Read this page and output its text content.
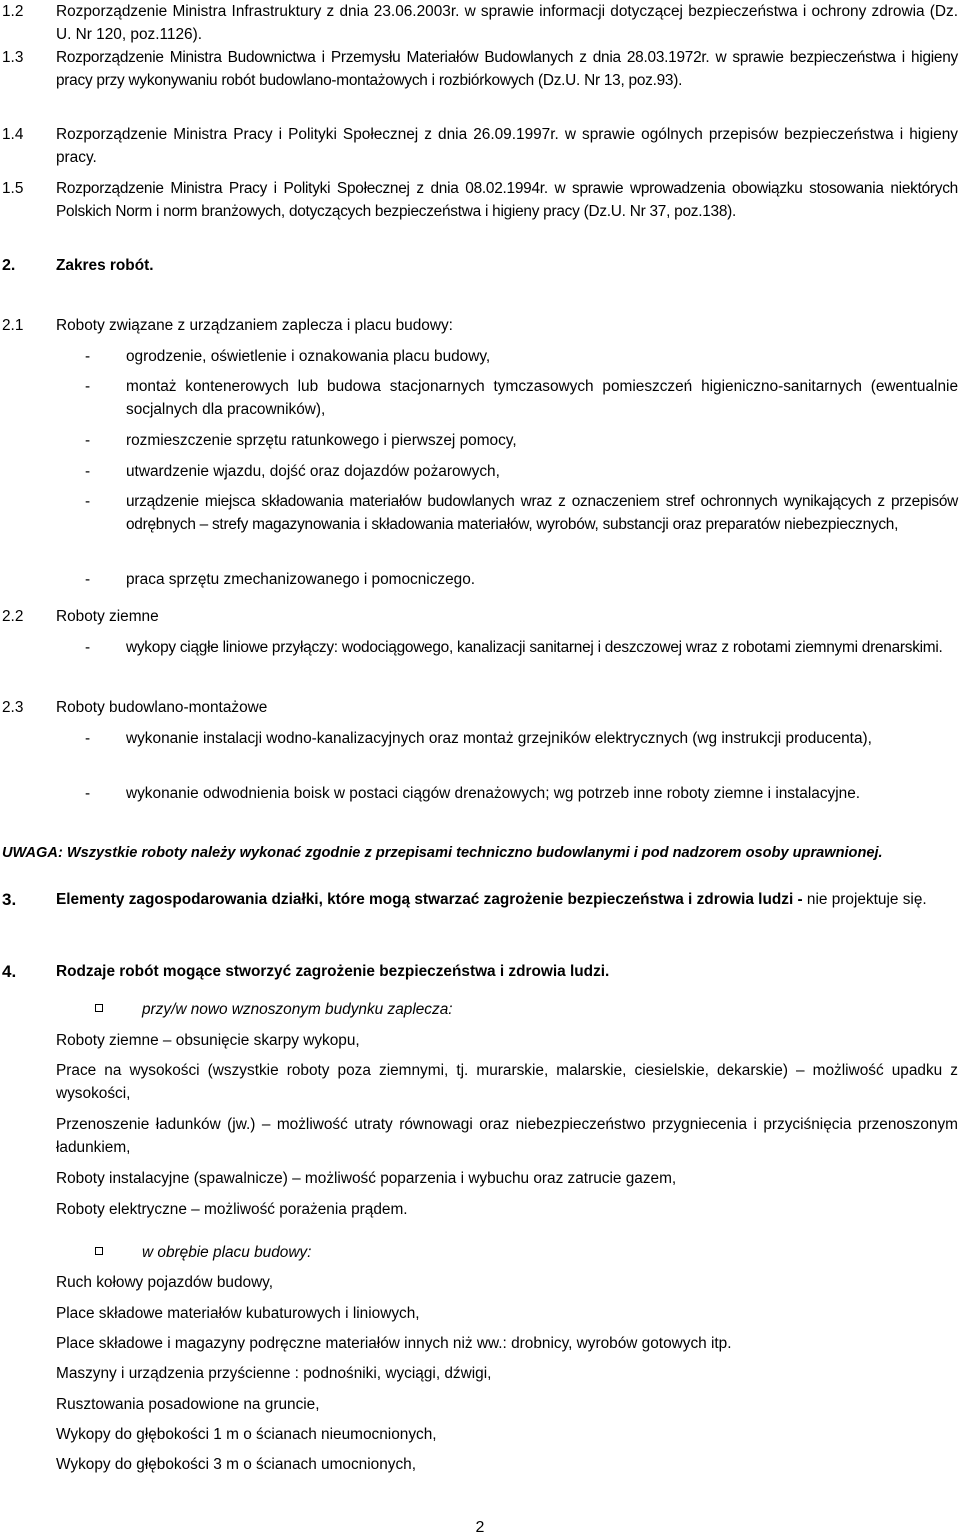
1.2 Rozporządzenie Ministra Infrastruktury z dnia 23.06.2003r. w sprawie informacji dotyczącej bezpieczeństwa i ochrony zdrowia (Dz. U. Nr 120, poz.1126).
1.3 Rozporządzenie Ministra Budownictwa i Przemysłu Materiałów Budowlanych z dnia 28.03.1972r. w sprawie bezpieczeństwa i higieny pracy przy wykonywaniu robót budowlano-montażowych i rozbiórkowych (Dz.U. Nr 13, poz.93).
1.4 Rozporządzenie Ministra Pracy i Polityki Społecznej z dnia 26.09.1997r. w sprawie ogólnych przepisów bezpieczeństwa i higieny pracy.
1.5 Rozporządzenie Ministra Pracy i Polityki Społecznej z dnia 08.02.1994r. w sprawie wprowadzenia obowiązku stosowania niektórych Polskich Norm i norm branżowych, dotyczących bezpieczeństwa i higieny pracy (Dz.U. Nr 37, poz.138).
2.	Zakres robót.
2.1 Roboty związane z urządzaniem zaplecza i placu budowy:
- ogrodzenie, oświetlenie i oznakowania placu budowy,
- montaż kontenerowych lub budowa stacjonarnych tymczasowych pomieszczeń higieniczno-sanitarnych (ewentualnie socjalnych dla pracowników),
- rozmieszczenie sprzętu ratunkowego i pierwszej pomocy,
- utwardzenie wjazdu, dojść oraz dojazdów pożarowych,
- urządzenie miejsca składowania materiałów budowlanych wraz z oznaczeniem stref ochronnych wynikających z przepisów odrębnych – strefy magazynowania i składowania materiałów, wyrobów, substancji oraz preparatów niebezpiecznych,
- praca sprzętu zmechanizowanego i pomocniczego.
2.2 Roboty ziemne
- wykopy ciągłe liniowe przyłączy: wodociągowego, kanalizacji sanitarnej i deszczowej wraz z robotami ziemnymi drenarskimi.
2.3 Roboty budowlano-montażowe
- wykonanie instalacji wodno-kanalizacyjnych oraz montaż grzejników elektrycznych (wg instrukcji producenta),
- wykonanie odwodnienia boisk w postaci ciągów drenażowych; wg potrzeb inne roboty ziemne i instalacyjne.
UWAGA: Wszystkie roboty należy wykonać zgodnie z przepisami techniczno budowlanymi i pod nadzorem osoby uprawnionej.
3.	Elementy zagospodarowania działki, które mogą stwarzać zagrożenie bezpieczeństwa i zdrowia ludzi - nie projektuje się.
4.	Rodzaje robót mogące stworzyć zagrożenie bezpieczeństwa i zdrowia ludzi.
przy/w nowo wznoszonym budynku zaplecza:
Roboty ziemne – obsunięcie skarpy wykopu,
Prace na wysokości (wszystkie roboty poza ziemnymi, tj. murarskie, malarskie, ciesielskie, dekarskie) – możliwość upadku z wysokości,
Przenoszenie ładunków (jw.) – możliwość utraty równowagi oraz niebezpieczeństwo przygniecenia i przyciśnięcia przenoszonym ładunkiem,
Roboty instalacyjne (spawalnicze) – możliwość poparzenia i wybuchu oraz zatrucie gazem,
Roboty elektryczne – możliwość porażenia prądem.
w obrębie placu budowy:
Ruch kołowy pojazdów budowy,
Place składowe materiałów kubaturowych i liniowych,
Place składowe i magazyny podręczne materiałów innych niż ww.: drobnicy, wyrobów gotowych itp.
Maszyny i urządzenia przyścienne : podnośniki, wyciągi, dźwigi,
Rusztowania posadowione na gruncie,
Wykopy do głębokości 1 m o ścianach nieumocnionych,
Wykopy do głębokości 3 m o ścianach umocnionych,
2
